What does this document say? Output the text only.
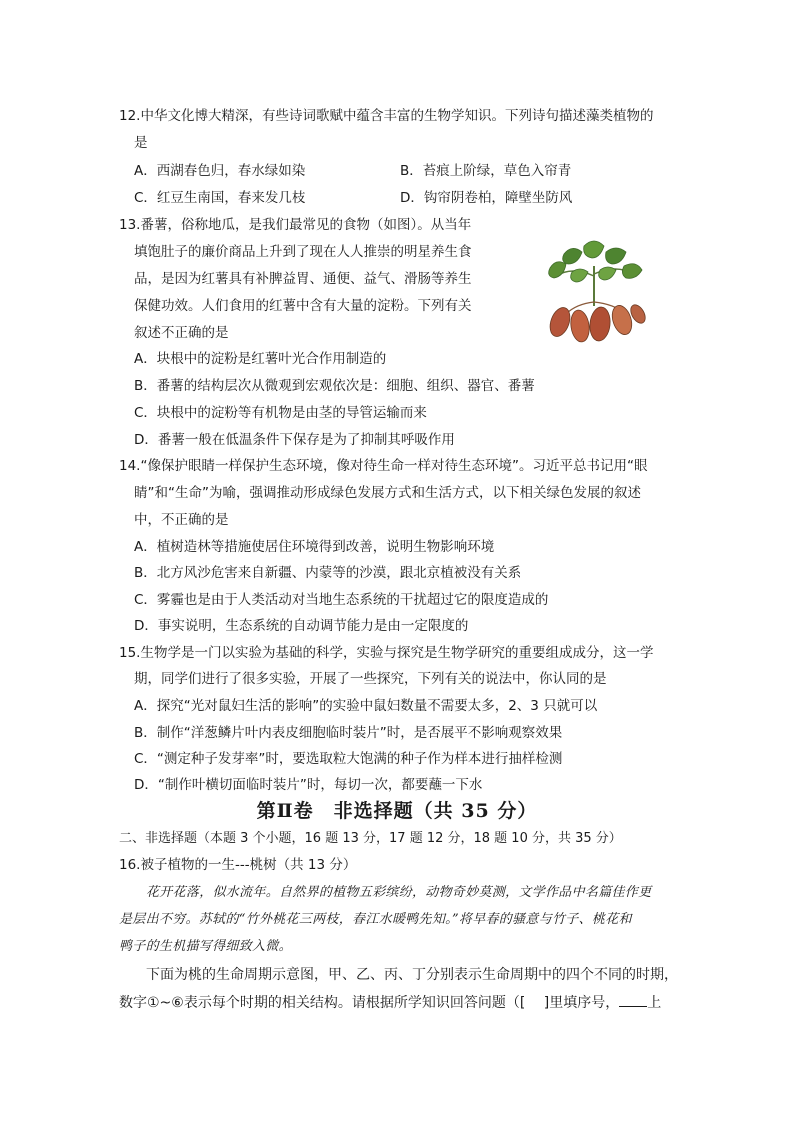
12.中华文化博大精深，有些诗词歌赋中蕴含丰富的生物学知识。下列诗句描述藻类植物的
是
A．西湖春色归，春水绿如染	B．苔痕上阶绿，草色入帘青
C．红豆生南国，春来发几枝	D．钩帘阴卷柏，障壁坐防风
13.番薯，俗称地瓜，是我们最常见的食物（如图）。从当年
填饱肚子的廉价商品上升到了现在人人推崇的明星养生食
品，是因为红薯具有补脾益胃、通便、益气、滑肠等养生
保健功效。人们食用的红薯中含有大量的淀粉。下列有关
叙述不正确的是
A．块根中的淀粉是红薯叶光合作用制造的
B．番薯的结构层次从微观到宏观依次是：细胞、组织、器官、番薯
C．块根中的淀粉等有机物是由茎的导管运输而来
D．番薯一般在低温条件下保存是为了抑制其呼吸作用
14.“像保护眼睛一样保护生态环境，像对待生命一样对待生态环境”。习近平总书记用“眼
睛”和“生命”为喻，强调推动形成绿色发展方式和生活方式，以下相关绿色发展的叙述
中，不正确的是
A．植树造林等措施使居住环境得到改善，说明生物影响环境
B．北方风沙危害来自新疆、内蒙等的沙漠，跟北京植被没有关系
C．雾霾也是由于人类活动对当地生态系统的干扰超过它的限度造成的
D．事实说明，生态系统的自动调节能力是由一定限度的
15.生物学是一门以实验为基础的科学，实验与探究是生物学研究的重要组成成分，这一学
期，同学们进行了很多实验，开展了一些探究，下列有关的说法中，你认同的是
A．探究“光对鼠妇生活的影响”的实验中鼠妇数量不需要太多，2、3 只就可以
B．制作“洋葱鳞片叶内表皮细胞临时装片”时，是否展平不影响观察效果
C．“测定种子发芽率”时，要选取粒大饱满的种子作为样本进行抽样检测
D．“制作叶横切面临时装片”时，每切一次，都要蘸一下水
第Ⅱ卷　非选择题（共 35 分）
二、非选择题（本题 3 个小题，16 题 13 分，17 题 12 分，18 题 10 分，共 35 分）
16.被子植物的一生---桃树（共 13 分）
花开花落，似水流年。自然界的植物五彩缤纷，动物奇妙莫测，文学作品中名篇佳作更
是层出不穷。苏轼的“竹外桃花三两枝，春江水暖鸭先知。”将早春的骚意与竹子、桃花和
鸭子的生机描写得细致入微。
下面为桃的生命周期示意图，甲、乙、丙、丁分别表示生命周期中的四个不同的时期，
数字①~⑥表示每个时期的相关结构。请根据所学知识回答问题（[　 ]里填序号， 上
